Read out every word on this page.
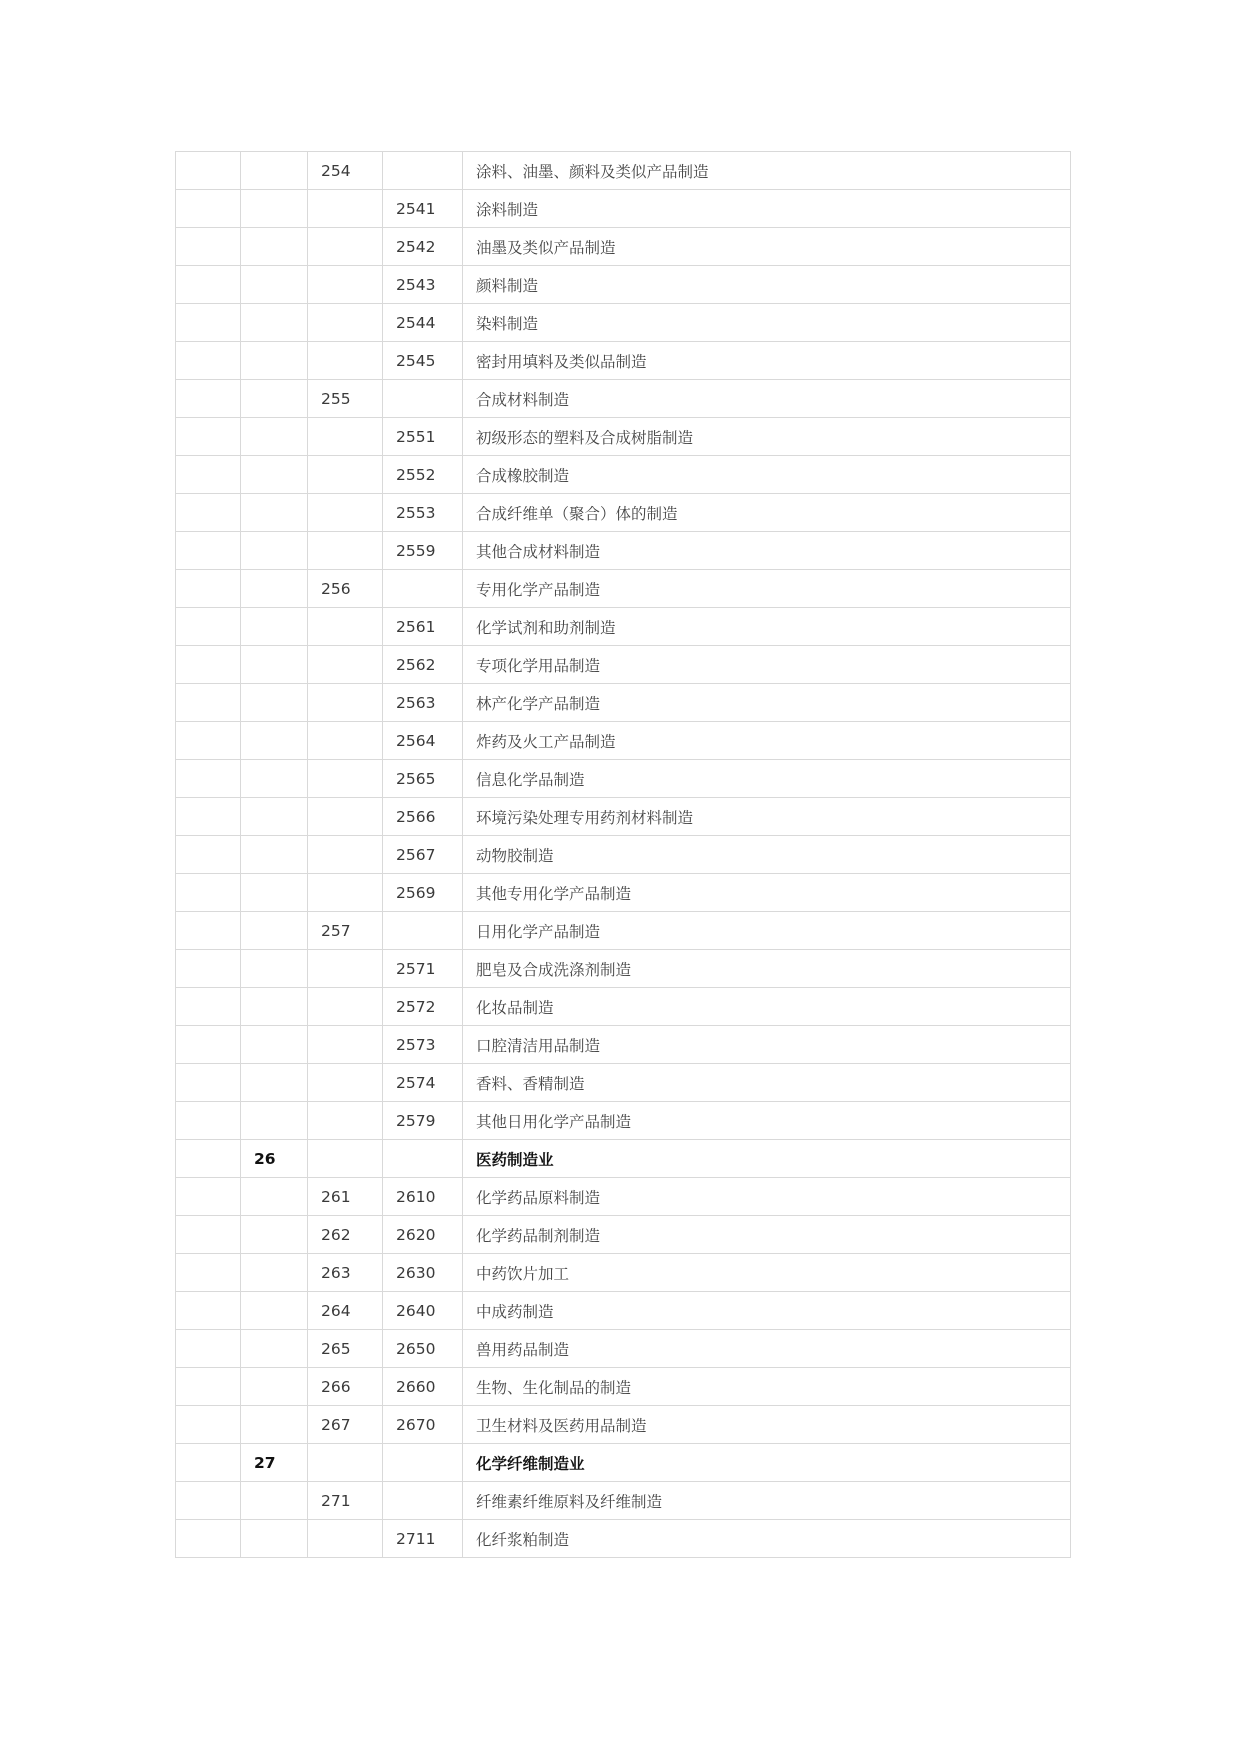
		254		涂料、油墨、颜料及类似产品制造
			2541	涂料制造
			2542	油墨及类似产品制造
			2543	颜料制造
			2544	染料制造
			2545	密封用填料及类似品制造
		255		合成材料制造
			2551	初级形态的塑料及合成树脂制造
			2552	合成橡胶制造
			2553	合成纤维单（聚合）体的制造
			2559	其他合成材料制造
		256		专用化学产品制造
			2561	化学试剂和助剂制造
			2562	专项化学用品制造
			2563	林产化学产品制造
			2564	炸药及火工产品制造
			2565	信息化学品制造
			2566	环境污染处理专用药剂材料制造
			2567	动物胶制造
			2569	其他专用化学产品制造
		257		日用化学产品制造
			2571	肥皂及合成洗涤剂制造
			2572	化妆品制造
			2573	口腔清洁用品制造
			2574	香料、香精制造
			2579	其他日用化学产品制造
	26			医药制造业
		261	2610	化学药品原料制造
		262	2620	化学药品制剂制造
		263	2630	中药饮片加工
		264	2640	中成药制造
		265	2650	兽用药品制造
		266	2660	生物、生化制品的制造
		267	2670	卫生材料及医药用品制造
	27			化学纤维制造业
		271		纤维素纤维原料及纤维制造
			2711	化纤浆粕制造
